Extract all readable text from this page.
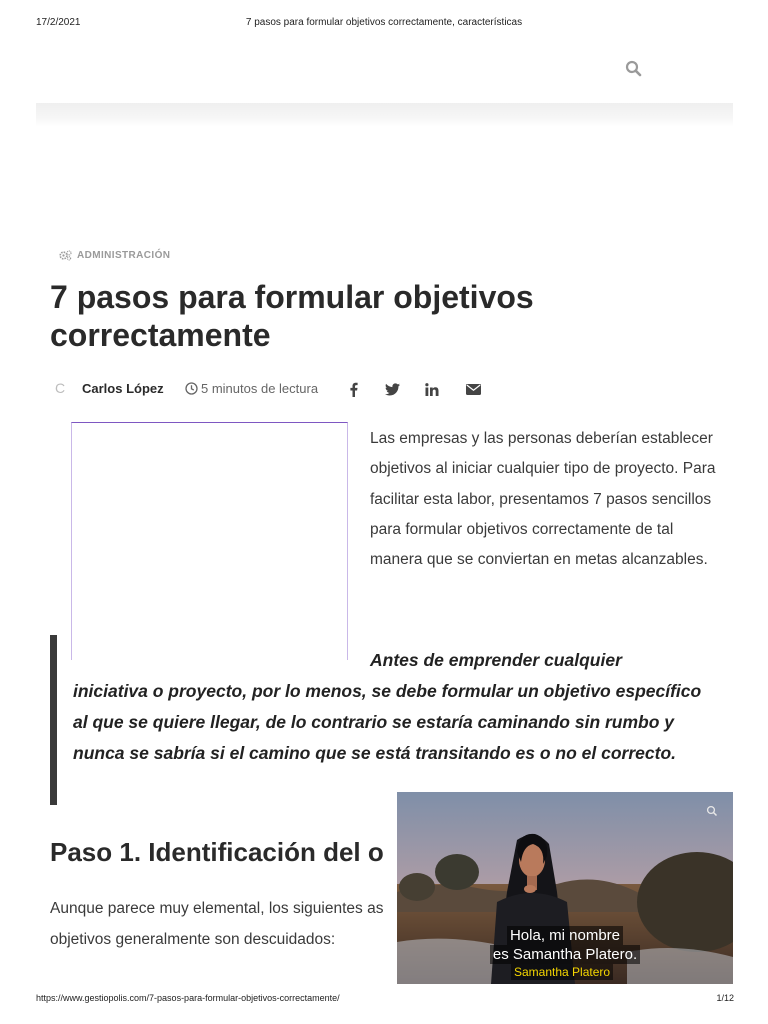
17/2/2021	7 pasos para formular objetivos correctamente, características
ADMINISTRACIÓN
7 pasos para formular objetivos correctamente
C Carlos López	5 minutos de lectura

Las empresas y las personas deberían establecer objetivos al iniciar cualquier tipo de proyecto. Para facilitar esta labor, presentamos 7 pasos sencillos para formular objetivos correctamente de tal manera que se conviertan en metas alcanzables.

Antes de emprender cualquier

iniciativa o proyecto, por lo menos, se debe formular un objetivo específico al que se quiere llegar, de lo contrario se estaría caminando sin rumbo y nunca se sabría si el camino que se está transitando es o no el correcto.

Paso 1. Identificación del o
Aunque parece muy elemental, los siguientes as
objetivos generalmente son descuidados:	Hola, mi nombre
es Samantha Platero.
Samantha Platero
https://www.gestiopolis.com/7-pasos-para-formular-objetivos-correctamente/	1/12
